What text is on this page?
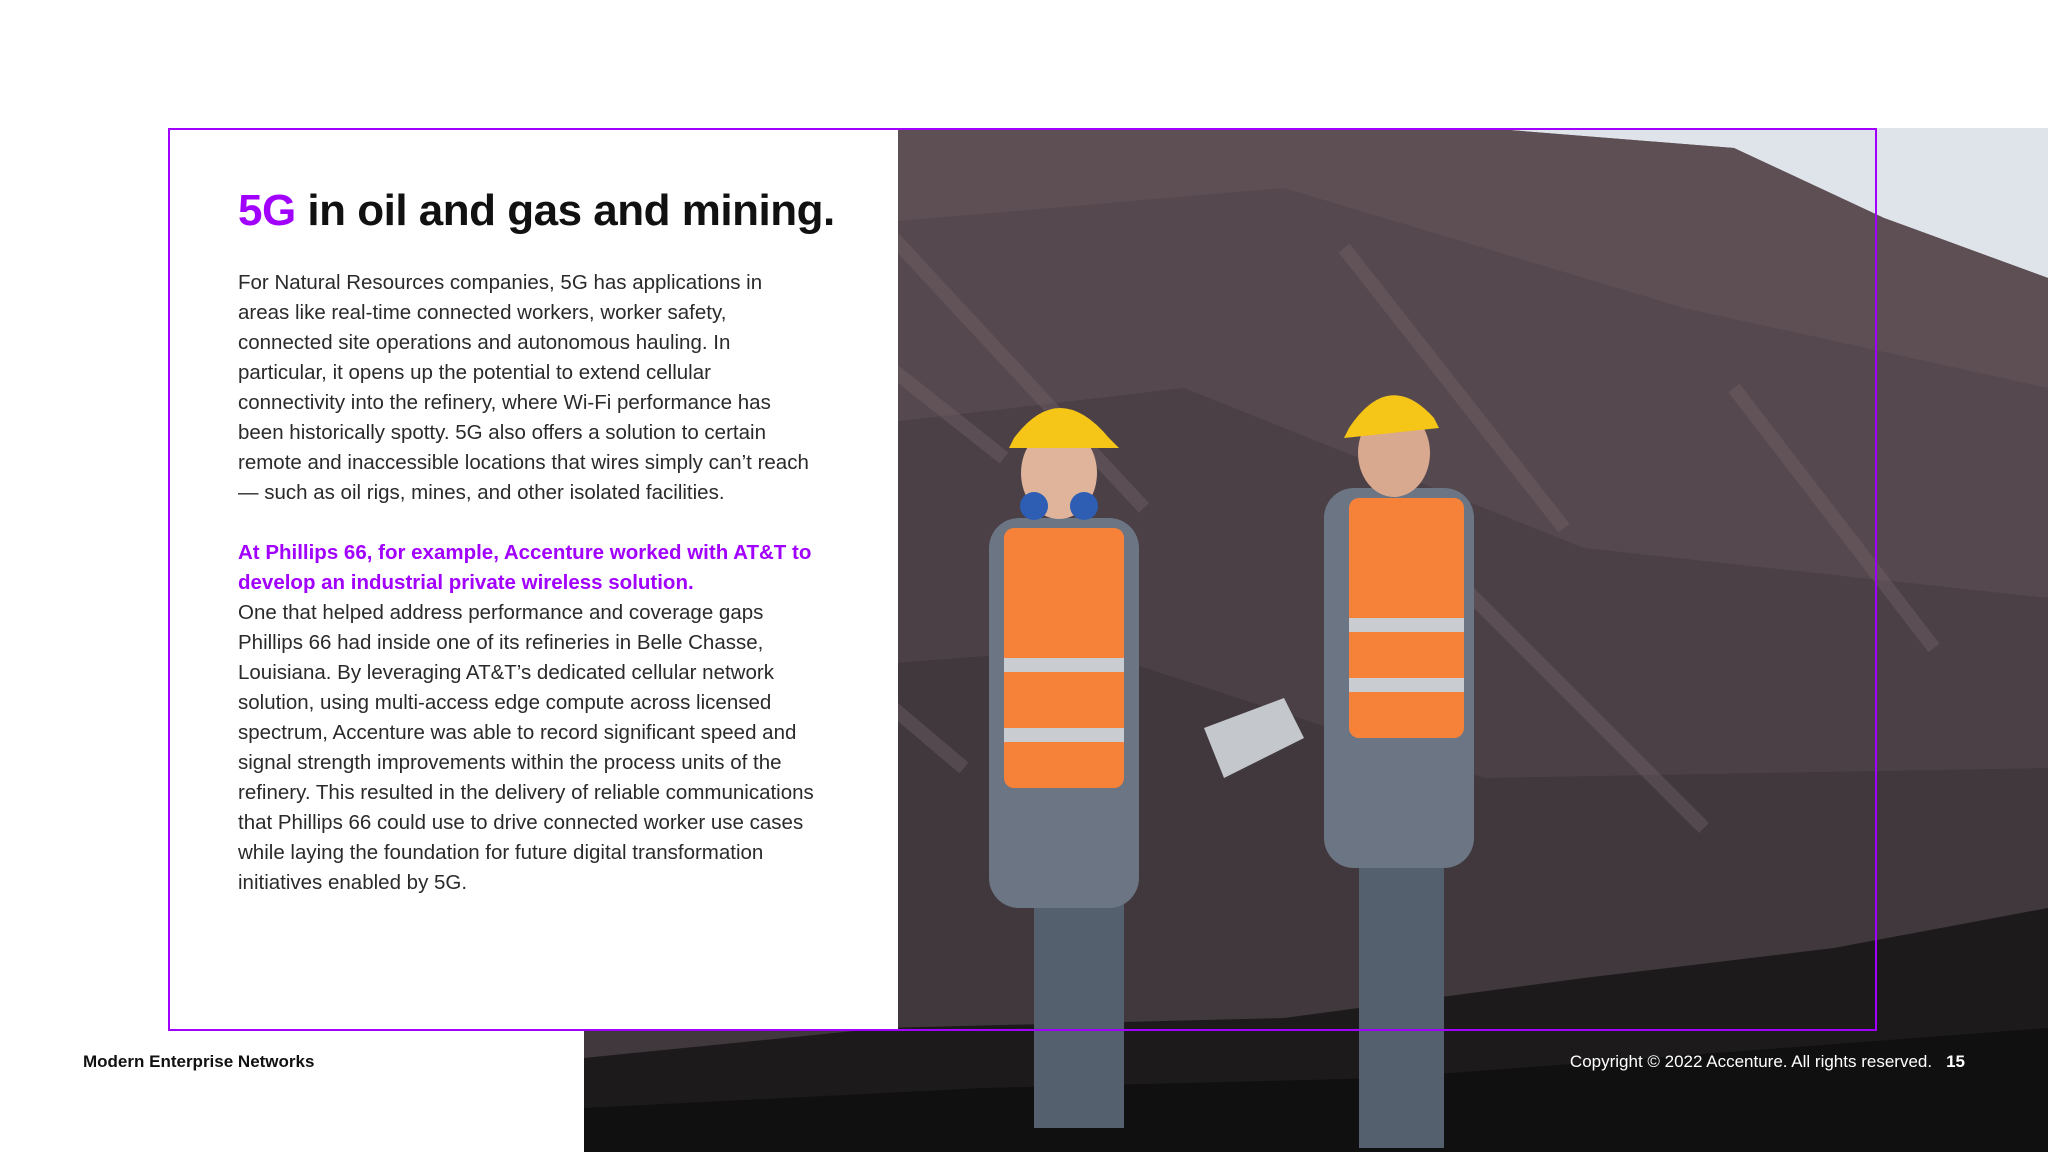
5G in oil and gas and mining.

For Natural Resources companies, 5G has applications in areas like real-time connected workers, worker safety, connected site operations and autonomous hauling. In particular, it opens up the potential to extend cellular connectivity into the refinery, where Wi-Fi performance has been historically spotty. 5G also offers a solution to certain remote and inaccessible locations that wires simply can’t reach — such as oil rigs, mines, and other isolated facilities.

At Phillips 66, for example, Accenture worked with AT&T to develop an industrial private wireless solution.
One that helped address performance and coverage gaps Phillips 66 had inside one of its refineries in Belle Chasse, Louisiana. By leveraging AT&T’s dedicated cellular network solution, using multi-access edge compute across licensed spectrum, Accenture was able to record significant speed and signal strength improvements within the process units of the refinery. This resulted in the delivery of reliable communications that Phillips 66 could use to drive connected worker use cases while laying the foundation for future digital transformation initiatives enabled by 5G.

Modern Enterprise Networks	Copyright © 2022 Accenture. All rights reserved. 15
